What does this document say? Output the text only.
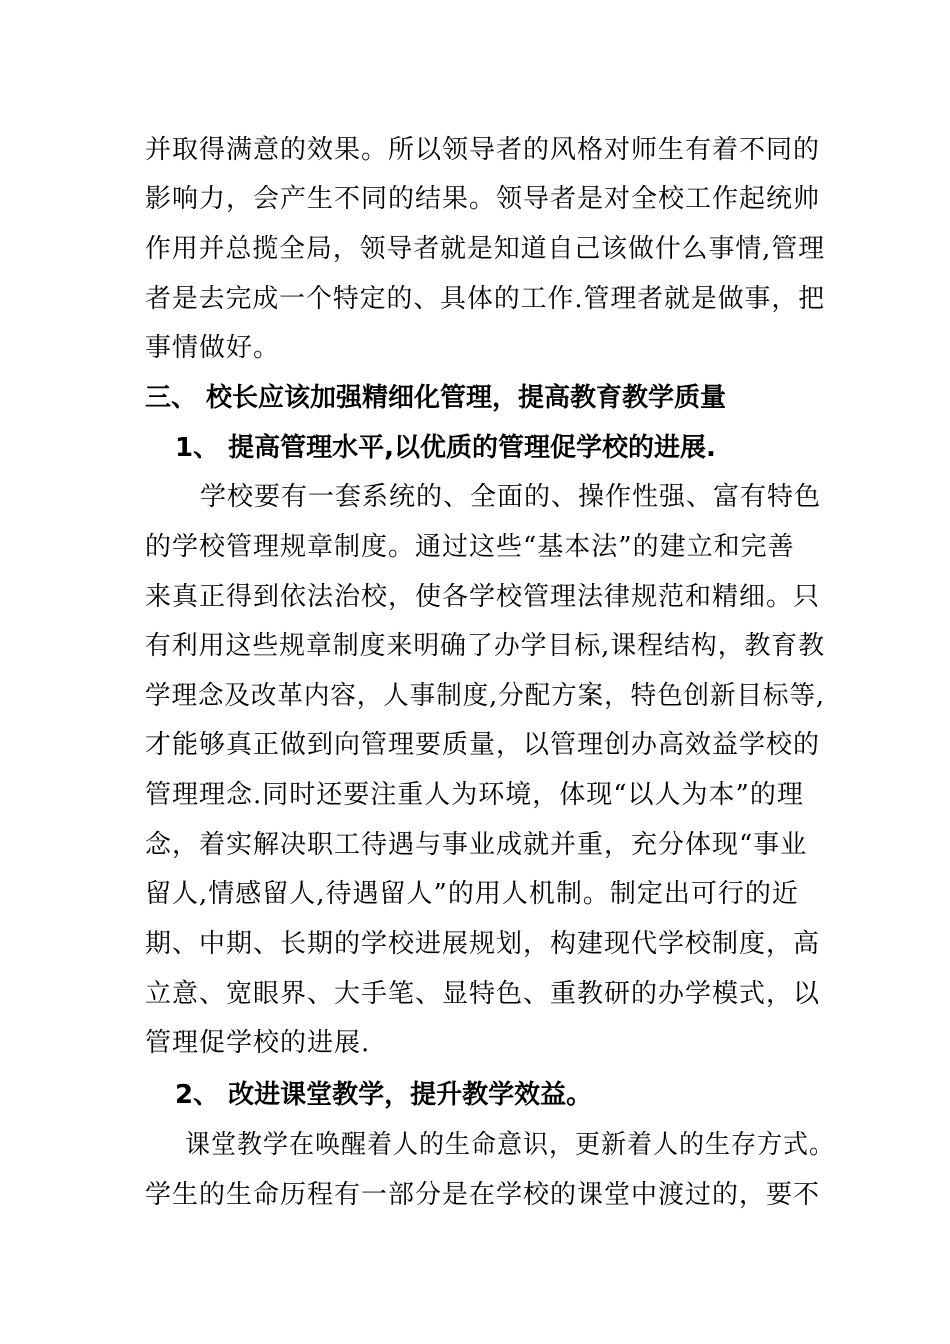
并取得满意的效果。所以领导者的风格对师生有着不同的
影响力，会产生不同的结果。领导者是对全校工作起统帅
作用并总揽全局，领导者就是知道自己该做什么事情,管理
者是去完成一个特定的、具体的工作.管理者就是做事，把
事情做好。
三、 校长应该加强精细化管理，提高教育教学质量
1、 提高管理水平,以优质的管理促学校的进展.
学校要有一套系统的、全面的、操作性强、富有特色
的学校管理规章制度。通过这些“基本法”的建立和完善
来真正得到依法治校，使各学校管理法律规范和精细。只
有利用这些规章制度来明确了办学目标,课程结构，教育教
学理念及改革内容，人事制度,分配方案，特色创新目标等,
才能够真正做到向管理要质量，以管理创办高效益学校的
管理理念.同时还要注重人为环境，体现“以人为本”的理
念，着实解决职工待遇与事业成就并重，充分体现“事业
留人,情感留人,待遇留人”的用人机制。制定出可行的近
期、中期、长期的学校进展规划，构建现代学校制度，高
立意、宽眼界、大手笔、显特色、重教研的办学模式，以
管理促学校的进展.
2、 改进课堂教学，提升教学效益。
课堂教学在唤醒着人的生命意识，更新着人的生存方式。
学生的生命历程有一部分是在学校的课堂中渡过的，要不
